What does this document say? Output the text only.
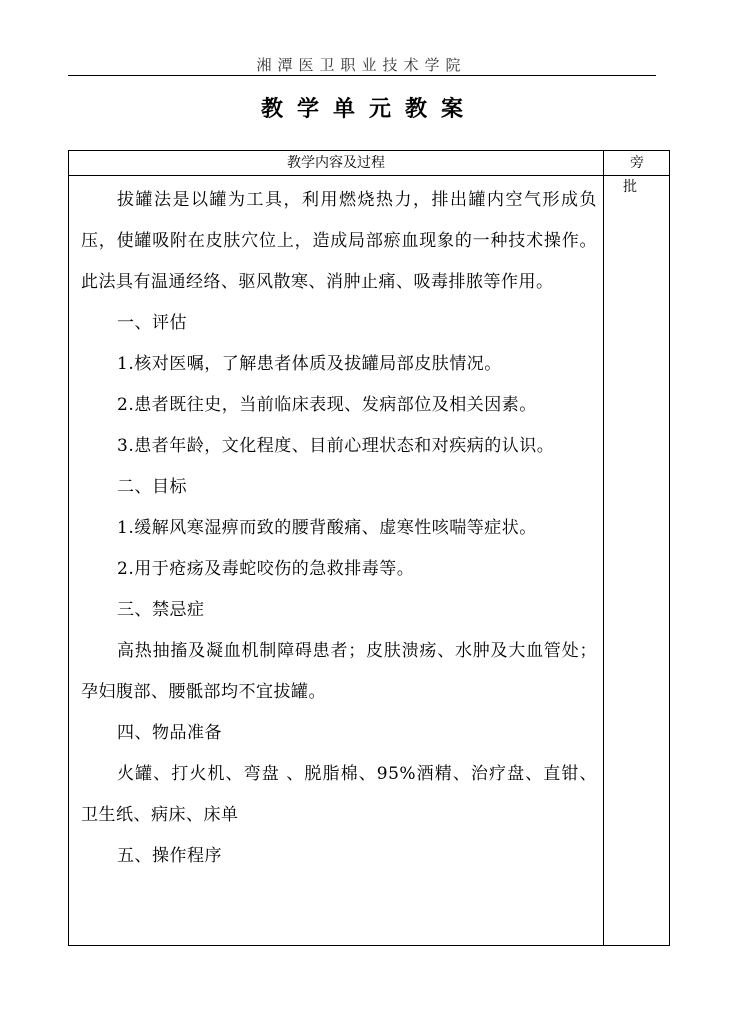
湘潭医卫职业技术学院
教学单元教案
教学内容及过程	旁批

拔罐法是以罐为工具，利用燃烧热力，排出罐内空气形成负压，使罐吸附在皮肤穴位上，造成局部瘀血现象的一种技术操作。此法具有温通经络、驱风散寒、消肿止痛、吸毒排脓等作用。

一、评估

1.核对医嘱，了解患者体质及拔罐局部皮肤情况。

2.患者既往史，当前临床表现、发病部位及相关因素。

3.患者年龄，文化程度、目前心理状态和对疾病的认识。

二、目标

1.缓解风寒湿痹而致的腰背酸痛、虚寒性咳喘等症状。

2.用于疮疡及毒蛇咬伤的急救排毒等。

三、禁忌症

高热抽搐及凝血机制障碍患者；皮肤溃疡、水肿及大血管处；孕妇腹部、腰骶部均不宜拔罐。

四、物品准备

火罐、打火机、弯盘 、脱脂棉、95%酒精、治疗盘、直钳、卫生纸、病床、床单

五、操作程序
